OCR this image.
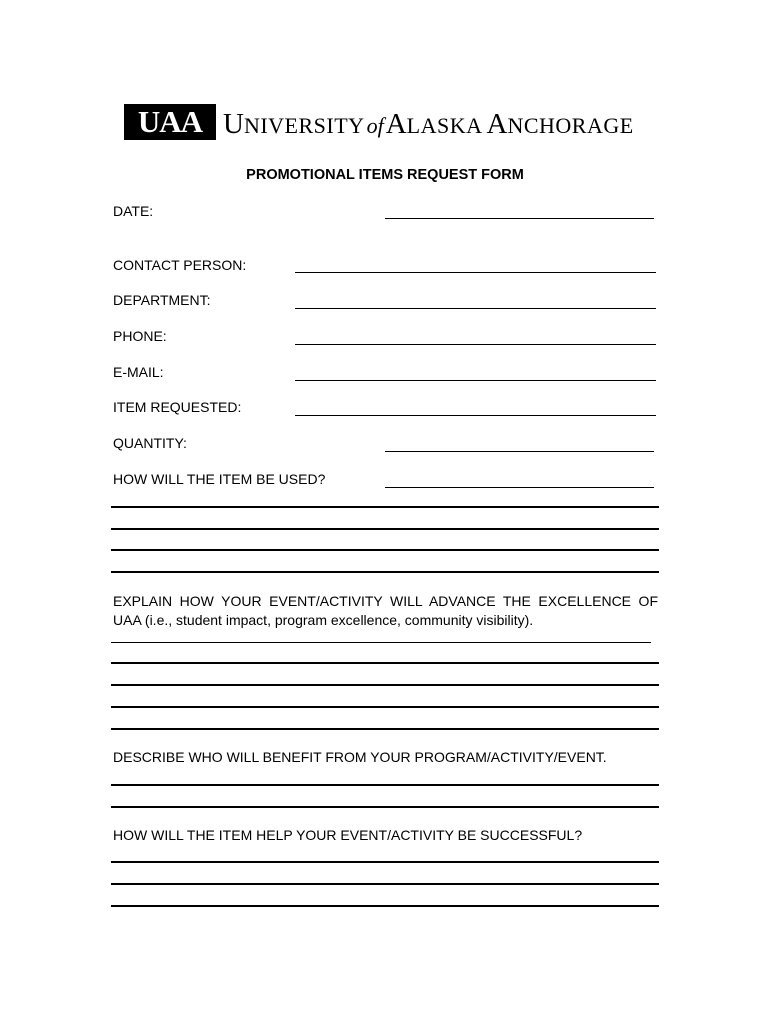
UAA UNIVERSITYofALASKA ANCHORAGE
PROMOTIONAL ITEMS REQUEST FORM
DATE:
CONTACT PERSON:
DEPARTMENT:
PHONE:
E-MAIL:
ITEM REQUESTED:
QUANTITY:
HOW WILL THE ITEM BE USED?
EXPLAIN HOW YOUR EVENT/ACTIVITY WILL ADVANCE THE EXCELLENCE OF UAA (i.e., student impact, program excellence, community visibility).
DESCRIBE WHO WILL BENEFIT FROM YOUR PROGRAM/ACTIVITY/EVENT.
HOW WILL THE ITEM HELP YOUR EVENT/ACTIVITY BE SUCCESSFUL?
